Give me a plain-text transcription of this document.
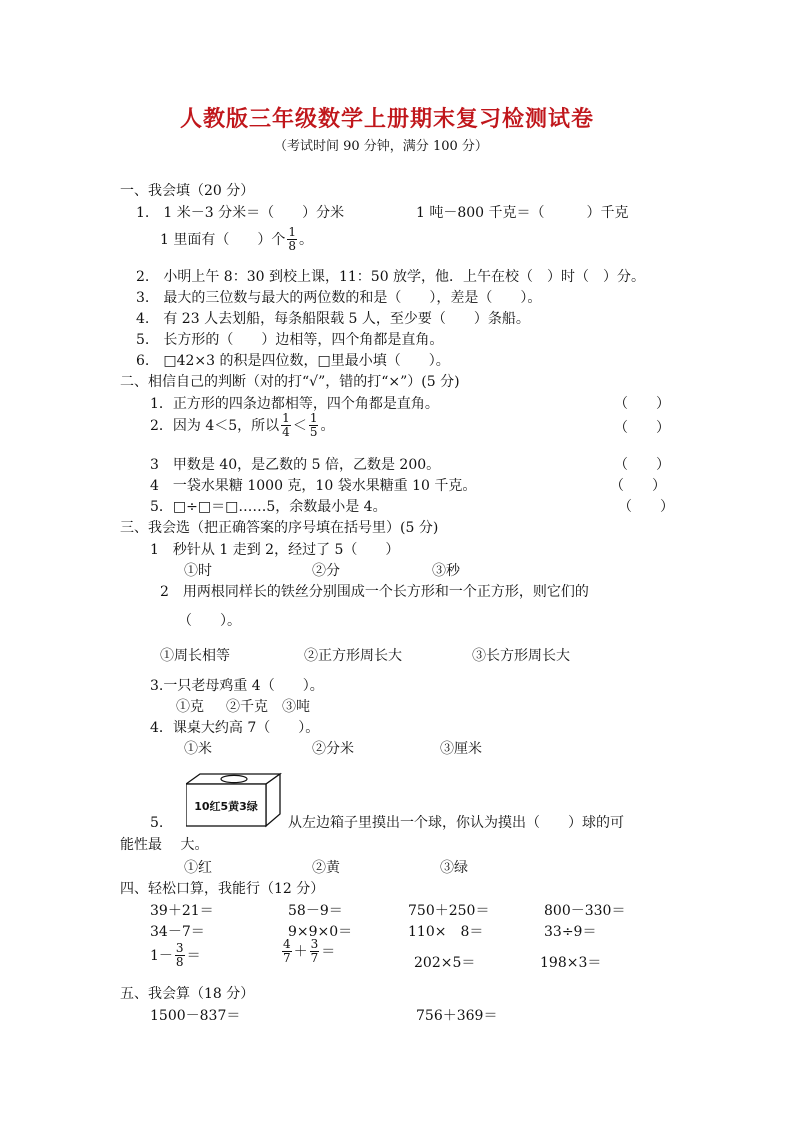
人教版三年级数学上册期末复习检测试卷
（考试时间 90 分钟，满分 100 分）
一、我会填（20 分）
1.　1 米－3 分米＝（　　）分米	1 吨－800 千克＝（　　　）千克
1 里面有（　　）个 $\frac{1}{8}$ 。
2.　小明上午 8：30 到校上课，11：50 放学，他．上午在校（　）时（　）分。
3.　最大的三位数与最大的两位数的和是（　　），差是（　　）。
4.　有 23 人去划船，每条船限载 5 人，至少要（　　）条船。
5.　长方形的（　　）边相等，四个角都是直角。
6.　□42×3 的积是四位数，□里最小填（　　）。
二、相信自己的判断（对的打“√”，错的打“×”）(5 分)
1．正方形的四条边都相等，四个角都是直角。	（　　）
2．因为 4＜5，所以 $\frac{1}{4} < \frac{1}{5}$ 。	（　　）
3　甲数是 40，是乙数的 5 倍，乙数是 200。	（　　）
4　一袋水果糖 1000 克，10 袋水果糖重 10 千克。	（　　）
5．□÷□＝□……5，余数最小是 4。	（　　）
三、我会选（把正确答案的序号填在括号里）(5 分)
1　秒针从 1 走到 2，经过了 5（　　）
①时	②分	③秒
2　用两根同样长的铁丝分别围成一个长方形和一个正方形，则它们的
（　　）。
①周长相等	②正方形周长大	③长方形周长大
3.一只老母鸡重 4（　　）。
①克 ②千克 ③吨
4．课桌大约高 7（　　）。
①米	②分米	③厘米
10红5黄3绿
5.	从左边箱子里摸出一个球，你认为摸出（　　）球的可
能性最　 大。
①红	②黄	③绿
四、轻松口算，我能行（12 分）
39＋21＝	58－9＝	750＋250＝	800－330＝
34－7＝	9×9×0＝	110×　8＝	33÷9＝
$1- \frac{3}{8}$ ＝	$\frac{4}{7} + \frac{3}{7}$ ＝
202×5＝	198×3＝
五、我会算（18 分）
1500－837＝	756＋369＝
